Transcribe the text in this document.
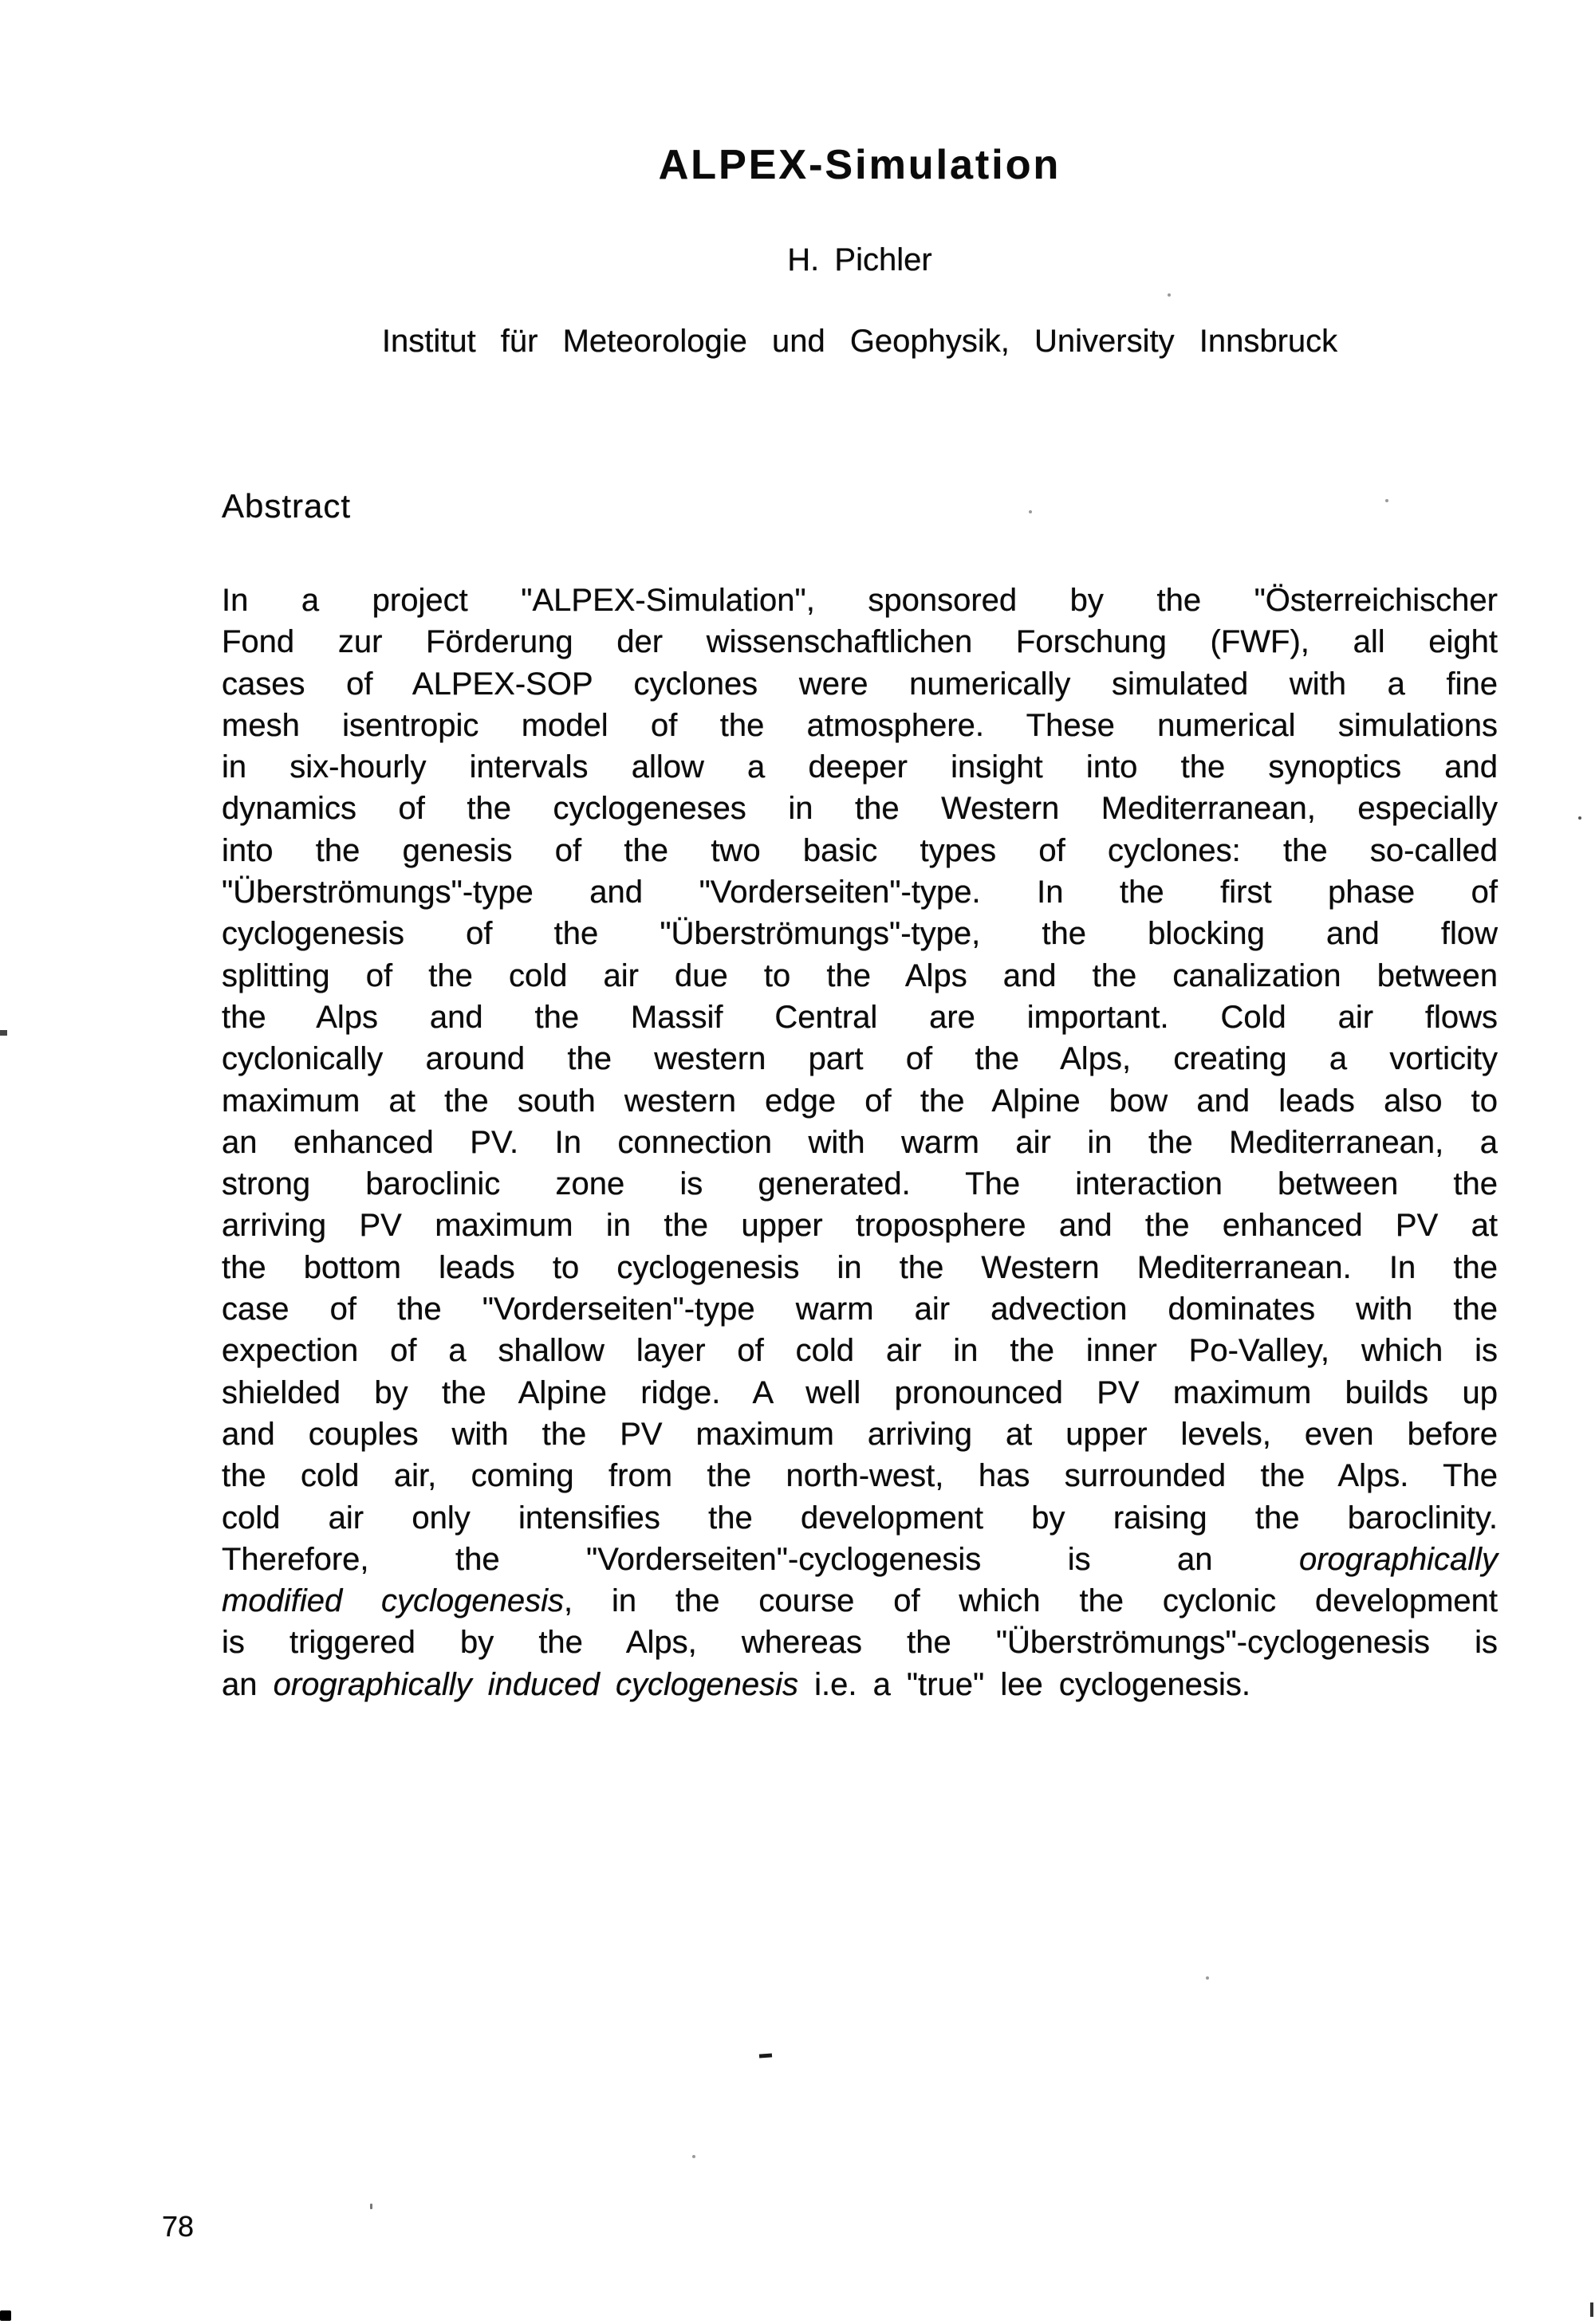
ALPEX-Simulation
H. Pichler
Institut für Meteorologie und Geophysik, University Innsbruck
Abstract
In a project "ALPEX-Simulation", sponsored by the "Österreichischer
Fond zur Förderung der wissenschaftlichen Forschung (FWF), all eight
cases of ALPEX-SOP cyclones were numerically simulated with a fine
mesh isentropic model of the atmosphere. These numerical simulations
in six-hourly intervals allow a deeper insight into the synoptics and
dynamics of the cyclogeneses in the Western Mediterranean, especially
into the genesis of the two basic types of cyclones: the so-called
"Überströmungs"-type and "Vorderseiten"-type. In the first phase of
cyclogenesis of the "Überströmungs"-type, the blocking and flow
splitting of the cold air due to the Alps and the canalization between
the Alps and the Massif Central are important. Cold air flows
cyclonically around the western part of the Alps, creating a vorticity
maximum at the south western edge of the Alpine bow and leads also to
an enhanced PV. In connection with warm air in the Mediterranean, a
strong baroclinic zone is generated. The interaction between the
arriving PV maximum in the upper troposphere and the enhanced PV at
the bottom leads to cyclogenesis in the Western Mediterranean. In the
case of the "Vorderseiten"-type warm air advection dominates with the
expection of a shallow layer of cold air in the inner Po-Valley, which is
shielded by the Alpine ridge. A well pronounced PV maximum builds up
and couples with the PV maximum arriving at upper levels, even before
the cold air, coming from the north-west, has surrounded the Alps. The
cold air only intensifies the development by raising the baroclinity.
Therefore, the "Vorderseiten"-cyclogenesis is an orographically
modified cyclogenesis, in the course of which the cyclonic development
is triggered by the Alps, whereas the "Überströmungs"-cyclogenesis is
an orographically induced cyclogenesis i.e. a "true" lee cyclogenesis.
78
